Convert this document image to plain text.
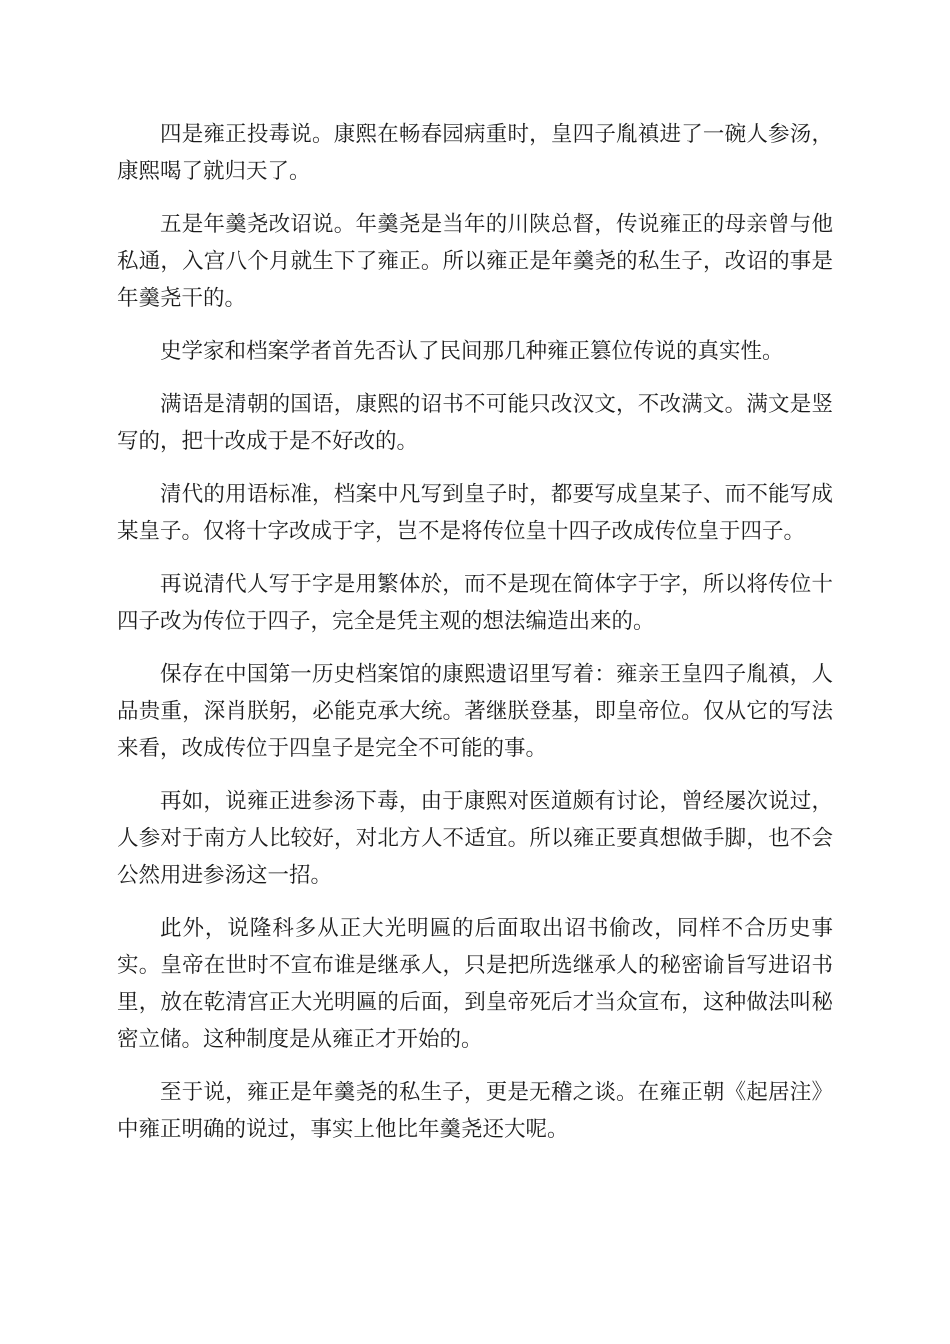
四是雍正投毒说。康熙在畅春园病重时，皇四子胤禛进了一碗人参汤，康熙喝了就归天了。

五是年羹尧改诏说。年羹尧是当年的川陕总督，传说雍正的母亲曾与他私通，入宫八个月就生下了雍正。所以雍正是年羹尧的私生子，改诏的事是年羹尧干的。

史学家和档案学者首先否认了民间那几种雍正篡位传说的真实性。

满语是清朝的国语，康熙的诏书不可能只改汉文，不改满文。满文是竖写的，把十改成于是不好改的。

清代的用语标准，档案中凡写到皇子时，都要写成皇某子、而不能写成某皇子。仅将十字改成于字，岂不是将传位皇十四子改成传位皇于四子。

再说清代人写于字是用繁体於，而不是现在简体字于字，所以将传位十四子改为传位于四子，完全是凭主观的想法编造出来的。

保存在中国第一历史档案馆的康熙遗诏里写着：雍亲王皇四子胤禛，人品贵重，深肖朕躬，必能克承大统。著继朕登基，即皇帝位。仅从它的写法来看，改成传位于四皇子是完全不可能的事。

再如，说雍正进参汤下毒，由于康熙对医道颇有讨论，曾经屡次说过，人参对于南方人比较好，对北方人不适宜。所以雍正要真想做手脚，也不会公然用进参汤这一招。

此外，说隆科多从正大光明匾的后面取出诏书偷改，同样不合历史事实。皇帝在世时不宣布谁是继承人，只是把所选继承人的秘密谕旨写进诏书里，放在乾清宫正大光明匾的后面，到皇帝死后才当众宣布，这种做法叫秘密立储。这种制度是从雍正才开始的。

至于说，雍正是年羹尧的私生子，更是无稽之谈。在雍正朝《起居注》中雍正明确的说过，事实上他比年羹尧还大呢。
